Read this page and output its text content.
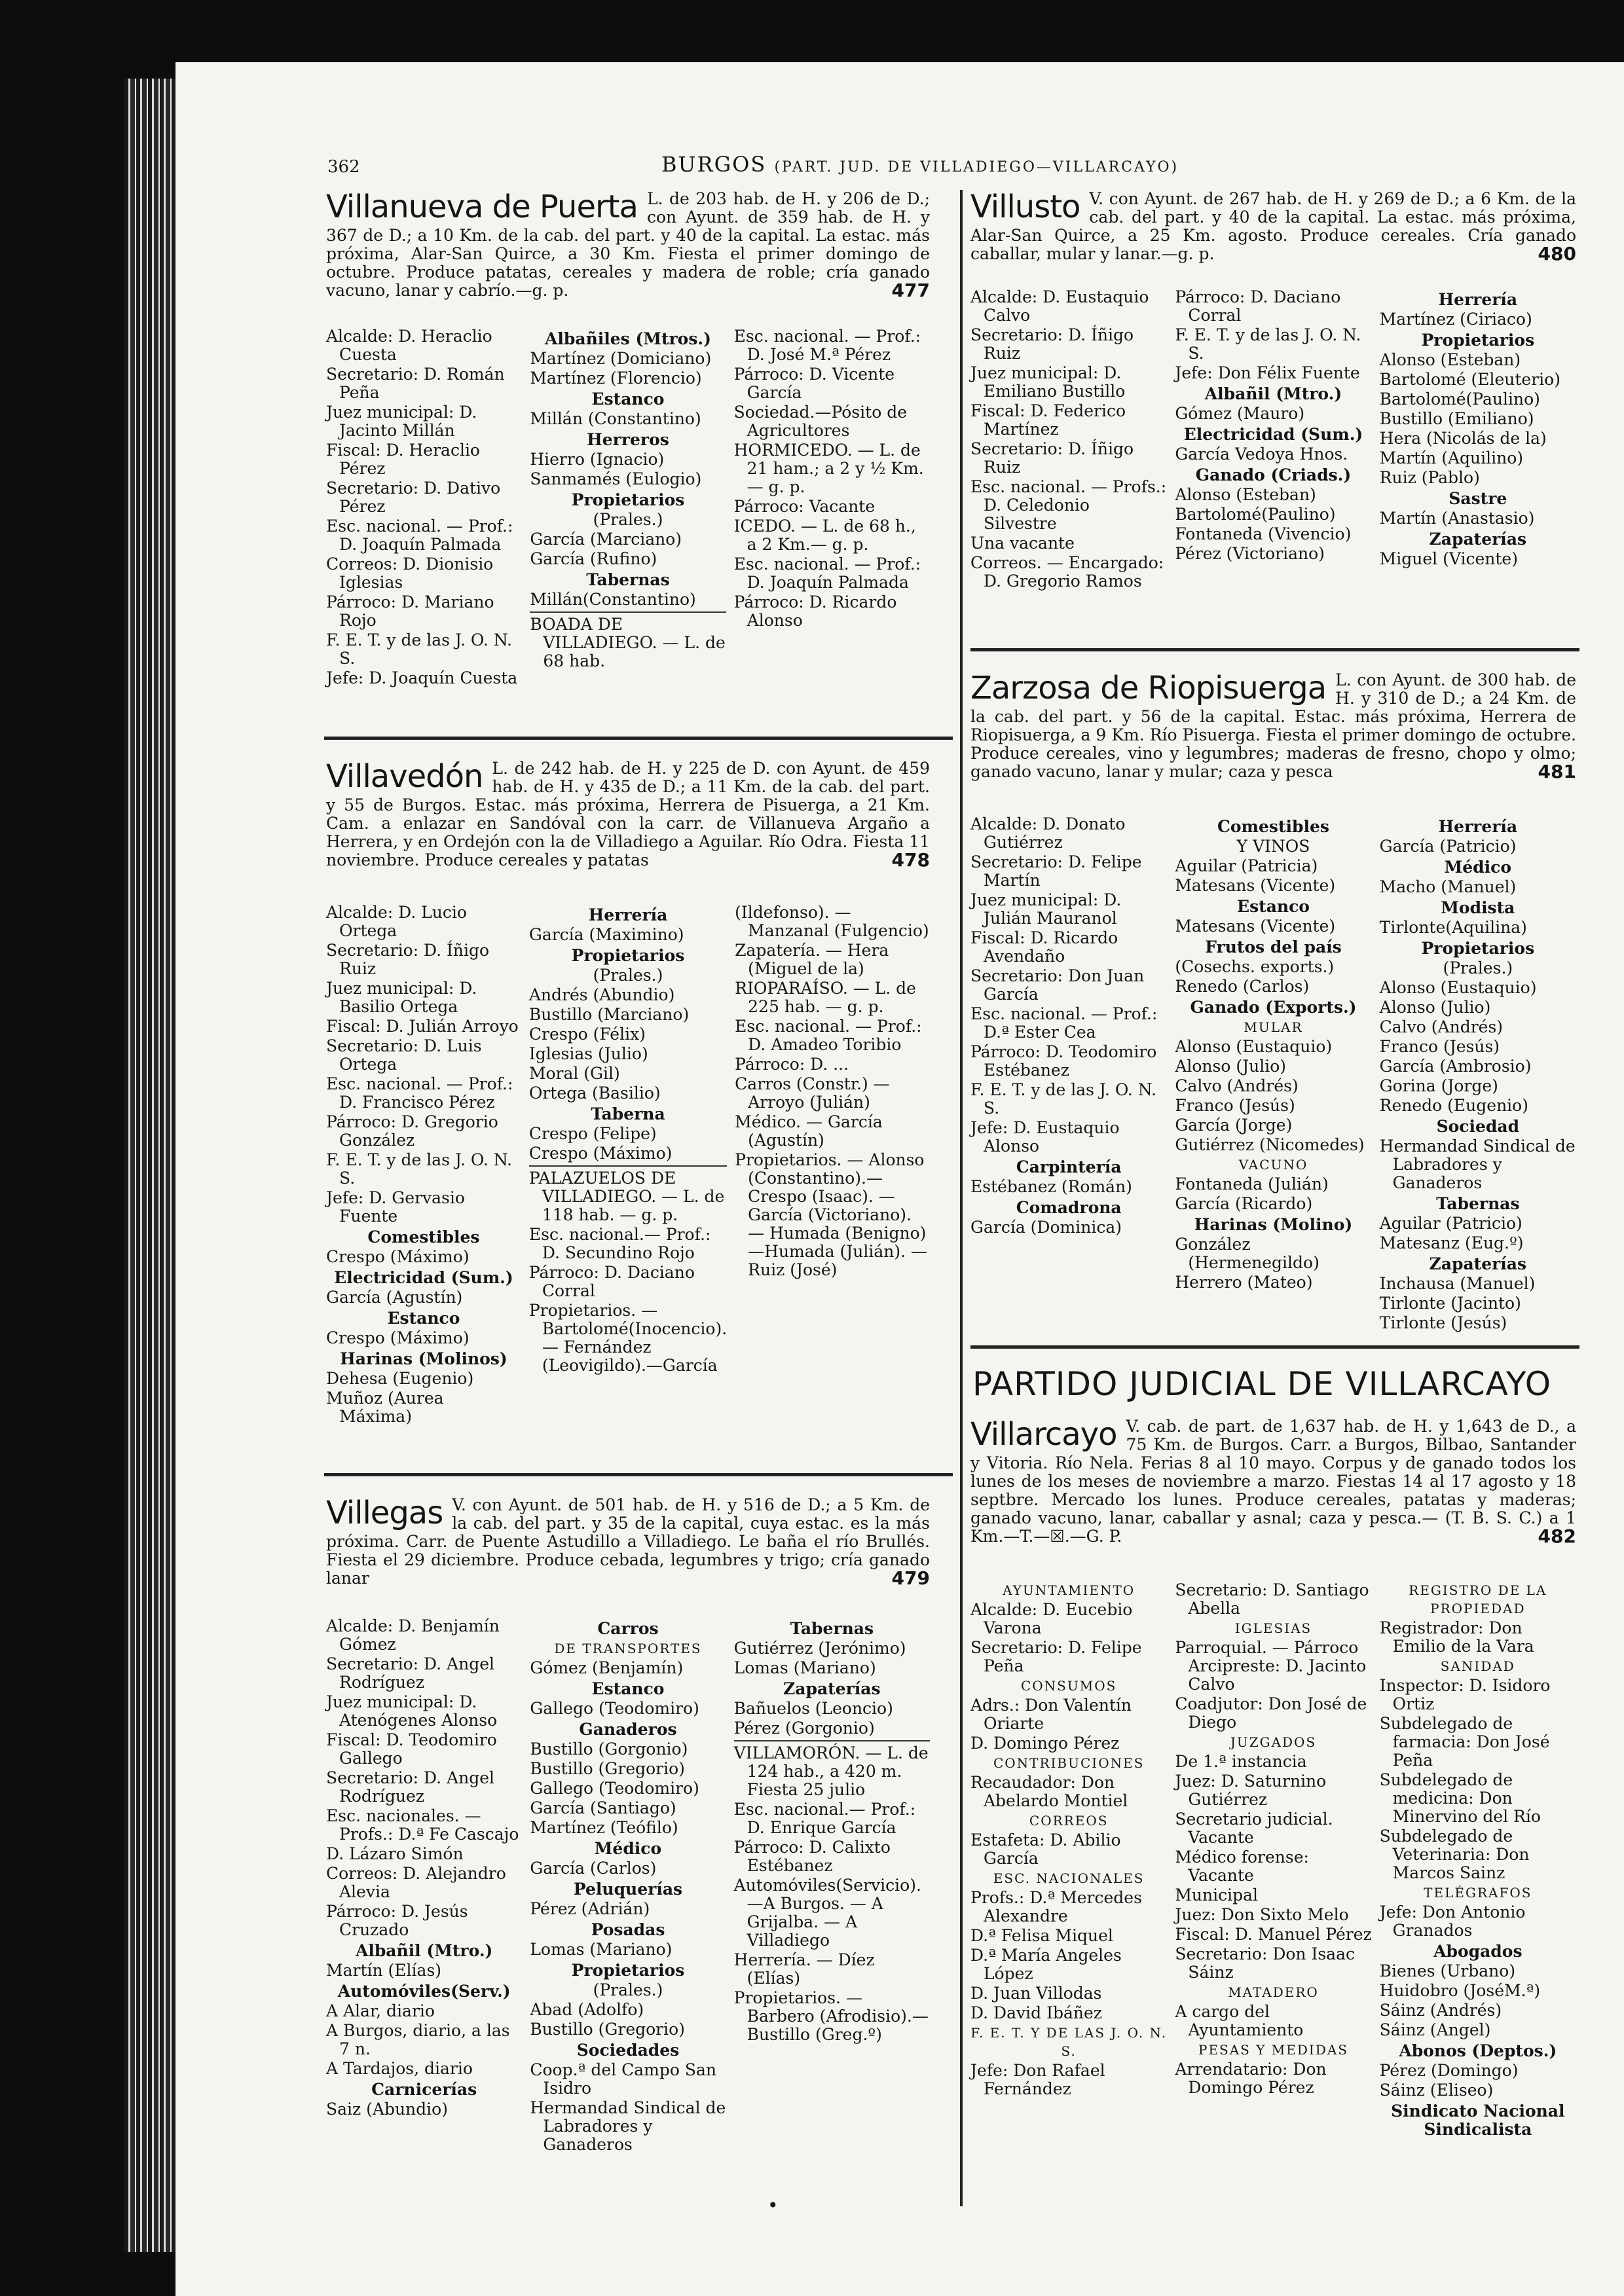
362	BURGOS (PART. JUD. DE VILLADIEGO—VILLARCAYO)
Villanueva de Puerta L. de 203 hab. de H. y 206 de D.; con Ayunt. de 359 hab. de H. y 367 de D.; a 10 Km. de la cab. del part. y 40 de la capital. La estac. más próxima, Alar-San Quirce, a 30 Km. Fiesta el primer domingo de octubre. Produce patatas, cereales y madera de roble; cría ganado vacuno, lanar y cabrío.—g. p.	477

Alcalde: D. Heraclio Cuesta

Secretario: D. Román Peña

Juez municipal: D. Jacinto Millán

Fiscal: D. Heraclio Pérez

Secretario: D. Dativo Pérez

Esc. nacional. — Prof.: D. Joaquín Palmada

Correos: D. Dionisio Iglesias

Párroco: D. Mariano Rojo

F. E. T. y de las J. O. N. S.

Jefe: D. Joaquín Cuesta

Albañiles (Mtros.)

Martínez (Domiciano)

Martínez (Florencio)

Estanco

Millán (Constantino)

Herreros

Hierro (Ignacio)

Sanmamés (Eulogio)

Propietarios

(Prales.)

García (Marciano)

García (Rufino)

Tabernas

Millán(Constantino)

BOADA DE VILLADIEGO. — L. de 68 hab.

Esc. nacional. — Prof.: D. José M.ª Pérez

Párroco: D. Vicente García

Sociedad.—Pósito de Agricultores

HORMICEDO. — L. de 21 ham.; a 2 y ½ Km. — g. p.

Párroco: Vacante

ICEDO. — L. de 68 h., a 2 Km.— g. p.

Esc. nacional. — Prof.: D. Joaquín Palmada

Párroco: D. Ricardo Alonso

Villavedón L. de 242 hab. de H. y 225 de D. con Ayunt. de 459 hab. de H. y 435 de D.; a 11 Km. de la cab. del part. y 55 de Burgos. Estac. más próxima, Herrera de Pisuerga, a 21 Km. Cam. a enlazar en Sandóval con la carr. de Villanueva Argaño a Herrera, y en Ordejón con la de Villadiego a Aguilar. Río Odra. Fiesta 11 noviembre. Produce cereales y patatas	478

Alcalde: D. Lucio Ortega

Secretario: D. Íñigo Ruiz

Juez municipal: D. Basilio Ortega

Fiscal: D. Julián Arroyo

Secretario: D. Luis Ortega

Esc. nacional. — Prof.: D. Francisco Pérez

Párroco: D. Gregorio González

F. E. T. y de las J. O. N. S.

Jefe: D. Gervasio Fuente

Comestibles

Crespo (Máximo)

Electricidad (Sum.)

García (Agustín)

Estanco

Crespo (Máximo)

Harinas (Molinos)

Dehesa (Eugenio)

Muñoz (Aurea Máxima)

Herrería

García (Maximino)

Propietarios

(Prales.)

Andrés (Abundio)

Bustillo (Marciano)

Crespo (Félix)

Iglesias (Julio)

Moral (Gil)

Ortega (Basilio)

Taberna

Crespo (Felipe)

Crespo (Máximo)

PALAZUELOS DE VILLADIEGO. — L. de 118 hab. — g. p.

Esc. nacional.— Prof.: D. Secundino Rojo

Párroco: D. Daciano Corral

Propietarios. — Bartolomé(Inocencio). — Fernández (Leovigildo).—García

(Ildefonso). — Manzanal (Fulgencio)

Zapatería. — Hera (Miguel de la)

RIOPARAÍSO. — L. de 225 hab. — g. p.

Esc. nacional. — Prof.: D. Amadeo Toribio

Párroco: D. ...

Carros (Constr.) — Arroyo (Julián)

Médico. — García (Agustín)

Propietarios. — Alonso (Constantino).—Crespo (Isaac). — García (Victoriano). — Humada (Benigno) —Humada (Julián). — Ruiz (José)

Villegas V. con Ayunt. de 501 hab. de H. y 516 de D.; a 5 Km. de la cab. del part. y 35 de la capital, cuya estac. es la más próxima. Carr. de Puente Astudillo a Villadiego. Le baña el río Brullés. Fiesta el 29 diciembre. Produce cebada, legumbres y trigo; cría ganado lanar	479

Alcalde: D. Benjamín Gómez

Secretario: D. Angel Rodríguez

Juez municipal: D. Atenógenes Alonso

Fiscal: D. Teodomiro Gallego

Secretario: D. Angel Rodríguez

Esc. nacionales. — Profs.: D.ª Fe Cascajo

D. Lázaro Simón

Correos: D. Alejandro Alevia

Párroco: D. Jesús Cruzado

Albañil (Mtro.)

Martín (Elías)

Automóviles(Serv.)

A Alar, diario

A Burgos, diario, a las 7 n.

A Tardajos, diario

Carnicerías

Saiz (Abundio)

Carros

DE TRANSPORTES

Gómez (Benjamín)

Estanco

Gallego (Teodomiro)

Ganaderos

Bustillo (Gorgonio)

Bustillo (Gregorio)

Gallego (Teodomiro)

García (Santiago)

Martínez (Teófilo)

Médico

García (Carlos)

Peluquerías

Pérez (Adrián)

Posadas

Lomas (Mariano)

Propietarios

(Prales.)

Abad (Adolfo)

Bustillo (Gregorio)

Sociedades

Coop.ª del Campo San Isidro

Hermandad Sindical de Labradores y Ganaderos

Tabernas

Gutiérrez (Jerónimo)

Lomas (Mariano)

Zapaterías

Bañuelos (Leoncio)

Pérez (Gorgonio)

VILLAMORÓN. — L. de 124 hab., a 420 m. Fiesta 25 julio

Esc. nacional.— Prof.: D. Enrique García

Párroco: D. Calixto Estébanez

Automóviles(Servicio).—A Burgos. — A Grijalba. — A Villadiego

Herrería. — Díez (Elías)

Propietarios. — Barbero (Afrodisio).—Bustillo (Greg.º)

Villusto V. con Ayunt. de 267 hab. de H. y 269 de D.; a 6 Km. de la cab. del part. y 40 de la capital. La estac. más próxima, Alar-San Quirce, a 25 Km. agosto. Produce cereales. Cría ganado caballar, mular y lanar.—g. p.	480

Alcalde: D. Eustaquio Calvo

Secretario: D. Íñigo Ruiz

Juez municipal: D. Emiliano Bustillo

Fiscal: D. Federico Martínez

Secretario: D. Íñigo Ruiz

Esc. nacional. — Profs.: D. Celedonio Silvestre

Una vacante

Correos. — Encargado: D. Gregorio Ramos

Párroco: D. Daciano Corral

F. E. T. y de las J. O. N. S.

Jefe: Don Félix Fuente

Albañil (Mtro.)

Gómez (Mauro)

Electricidad (Sum.)

García Vedoya Hnos.

Ganado (Criads.)

Alonso (Esteban)

Bartolomé(Paulino)

Fontaneda (Vivencio)

Pérez (Victoriano)

Herrería

Martínez (Ciriaco)

Propietarios

Alonso (Esteban)

Bartolomé (Eleuterio)

Bartolomé(Paulino)

Bustillo (Emiliano)

Hera (Nicolás de la)

Martín (Aquilino)

Ruiz (Pablo)

Sastre

Martín (Anastasio)

Zapaterías

Miguel (Vicente)

Zarzosa de Riopisuerga L. con Ayunt. de 300 hab. de H. y 310 de D.; a 24 Km. de la cab. del part. y 56 de la capital. Estac. más próxima, Herrera de Riopisuerga, a 9 Km. Río Pisuerga. Fiesta el primer domingo de octubre. Produce cereales, vino y legumbres; maderas de fresno, chopo y olmo; ganado vacuno, lanar y mular; caza y pesca	481

Alcalde: D. Donato Gutiérrez

Secretario: D. Felipe Martín

Juez municipal: D. Julián Mauranol

Fiscal: D. Ricardo Avendaño

Secretario: Don Juan García

Esc. nacional. — Prof.: D.ª Ester Cea

Párroco: D. Teodomiro Estébanez

F. E. T. y de las J. O. N. S.

Jefe: D. Eustaquio Alonso

Carpintería

Estébanez (Román)

Comadrona

García (Dominica)

Comestibles

Y VINOS

Aguilar (Patricia)

Matesans (Vicente)

Estanco

Matesans (Vicente)

Frutos del país

(Cosechs. exports.)

Renedo (Carlos)

Ganado (Exports.)

MULAR

Alonso (Eustaquio)

Alonso (Julio)

Calvo (Andrés)

Franco (Jesús)

García (Jorge)

Gutiérrez (Nicomedes)

VACUNO

Fontaneda (Julián)

García (Ricardo)

Harinas (Molino)

González (Hermenegildo)

Herrero (Mateo)

Herrería

García (Patricio)

Médico

Macho (Manuel)

Modista

Tirlonte(Aquilina)

Propietarios

(Prales.)

Alonso (Eustaquio)

Alonso (Julio)

Calvo (Andrés)

Franco (Jesús)

García (Ambrosio)

Gorina (Jorge)

Renedo (Eugenio)

Sociedad

Hermandad Sindical de Labradores y Ganaderos

Tabernas

Aguilar (Patricio)

Matesanz (Eug.º)

Zapaterías

Inchausa (Manuel)

Tirlonte (Jacinto)

Tirlonte (Jesús)

PARTIDO JUDICIAL DE VILLARCAYO
Villarcayo V. cab. de part. de 1,637 hab. de H. y 1,643 de D., a 75 Km. de Burgos. Carr. a Burgos, Bilbao, Santander y Vitoria. Río Nela. Ferias 8 al 10 mayo. Corpus y de ganado todos los lunes de los meses de noviembre a marzo. Fiestas 14 al 17 agosto y 18 septbre. Mercado los lunes. Produce cereales, patatas y maderas; ganado vacuno, lanar, caballar y asnal; caza y pesca.— (T. B. S. C.) a 1 Km.—T.—☒.—G. P.	482

AYUNTAMIENTO

Alcalde: D. Eucebio Varona

Secretario: D. Felipe Peña

CONSUMOS

Adrs.: Don Valentín Oriarte

D. Domingo Pérez

CONTRIBUCIONES

Recaudador: Don Abelardo Montiel

CORREOS

Estafeta: D. Abilio García

ESC. NACIONALES

Profs.: D.ª Mercedes Alexandre

D.ª Felisa Miquel

D.ª María Angeles López

D. Juan Villodas

D. David Ibáñez

F. E. T. Y DE LAS J. O. N. S.

Jefe: Don Rafael Fernández

Secretario: D. Santiago Abella

IGLESIAS

Parroquial. — Párroco Arcipreste: D. Jacinto Calvo

Coadjutor: Don José de Diego

JUZGADOS

De 1.ª instancia

Juez: D. Saturnino Gutiérrez

Secretario judicial. Vacante

Médico forense: Vacante

Municipal

Juez: Don Sixto Melo

Fiscal: D. Manuel Pérez

Secretario: Don Isaac Sáinz

MATADERO

A cargo del Ayuntamiento

PESAS Y MEDIDAS

Arrendatario: Don Domingo Pérez

REGISTRO DE LA PROPIEDAD

Registrador: Don Emilio de la Vara

SANIDAD

Inspector: D. Isidoro Ortiz

Subdelegado de farmacia: Don José Peña

Subdelegado de medicina: Don Minervino del Río

Subdelegado de Veterinaria: Don Marcos Sainz

TELÉGRAFOS

Jefe: Don Antonio Granados

Abogados

Bienes (Urbano)

Huidobro (JoséM.ª)

Sáinz (Andrés)

Sáinz (Angel)

Abonos (Deptos.)

Pérez (Domingo)

Sáinz (Eliseo)

Sindicato Nacional Sindicalista

•
